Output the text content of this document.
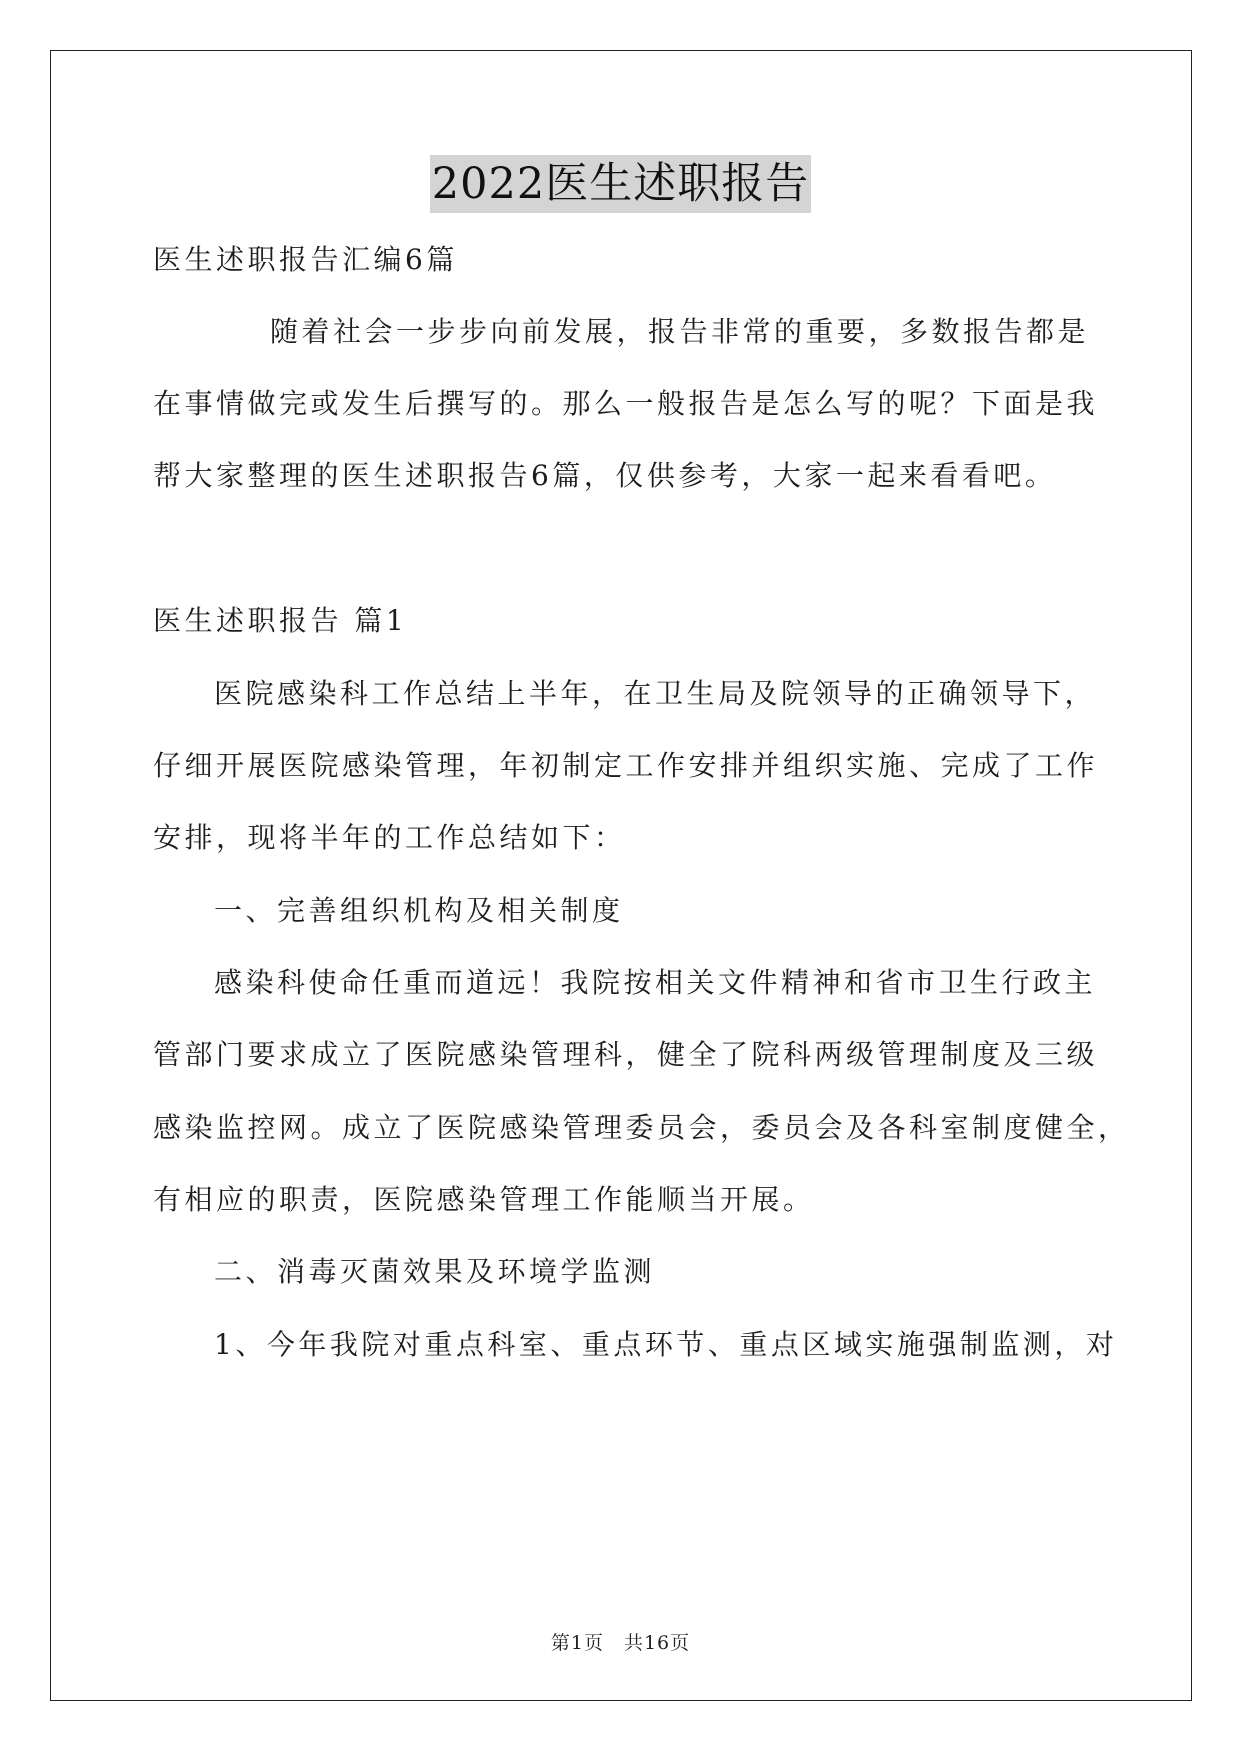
2022医生述职报告
医生述职报告汇编6篇
随着社会一步步向前发展，报告非常的重要，多数报告都是
在事情做完或发生后撰写的。那么一般报告是怎么写的呢？下面是我
帮大家整理的医生述职报告6篇，仅供参考，大家一起来看看吧。
医生述职报告 篇1
医院感染科工作总结上半年，在卫生局及院领导的正确领导下，
仔细开展医院感染管理，年初制定工作安排并组织实施、完成了工作
安排，现将半年的工作总结如下：
一、完善组织机构及相关制度
感染科使命任重而道远！我院按相关文件精神和省市卫生行政主
管部门要求成立了医院感染管理科，健全了院科两级管理制度及三级
感染监控网。成立了医院感染管理委员会，委员会及各科室制度健全，
有相应的职责，医院感染管理工作能顺当开展。
二、消毒灭菌效果及环境学监测
1、今年我院对重点科室、重点环节、重点区域实施强制监测，对
第1页　共16页
